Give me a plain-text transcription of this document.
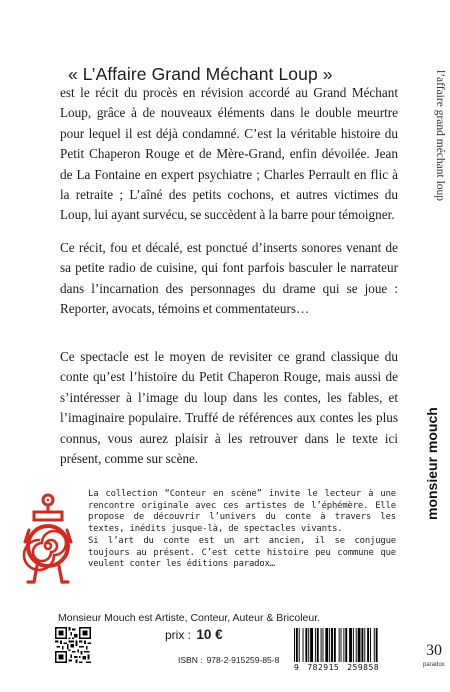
« L’Affaire Grand Méchant Loup »

est le récit du procès en révision accordé au Grand Méchant Loup, grâce à de nouveaux éléments dans le double meurtre pour lequel il est déjà condamné. C’est la véritable histoire du Petit Chaperon Rouge et de Mère-Grand, enfin dévoilée. Jean de La Fontaine en expert psychiatre ; Charles Perrault en flic à la retraite ; L’aîné des petits cochons, et autres victimes du Loup, lui ayant survécu, se succèdent à la barre pour témoigner.

Ce récit, fou et décalé, est ponctué d’inserts sonores venant de sa petite radio de cuisine, qui font parfois basculer le narrateur dans l’incarnation des personnages du drame qui se joue : Reporter, avocats, témoins et commentateurs…

Ce spectacle est le moyen de revisiter ce grand classique du conte qu’est l’histoire du Petit Chaperon Rouge, mais aussi de s’intéresser à l’image du loup dans les contes, les fables, et l’imaginaire populaire. Truffé de références aux contes les plus connus, vous aurez plaisir à les retrouver dans le texte ici présent, comme sur scène.

l’affaire grand méchant loup
monsieur mouch

La collection “Conteur en scène” invite le lecteur à une rencontre originale avec ces artistes de l’éphémère. Elle propose de découvrir l’univers du conte à travers les textes, inédits jusque-là, de spectacles vivants.
Si l’art du conte est un art ancien, il se conjugue toujours au présent. C’est cette histoire peu commune que veulent conter les éditions paradox…

Monsieur Mouch est Artiste, Conteur, Auteur & Bricoleur.
prix : 10 €
ISBN : 978-2-915259-85-8
9 782915 259858
30
paradox
